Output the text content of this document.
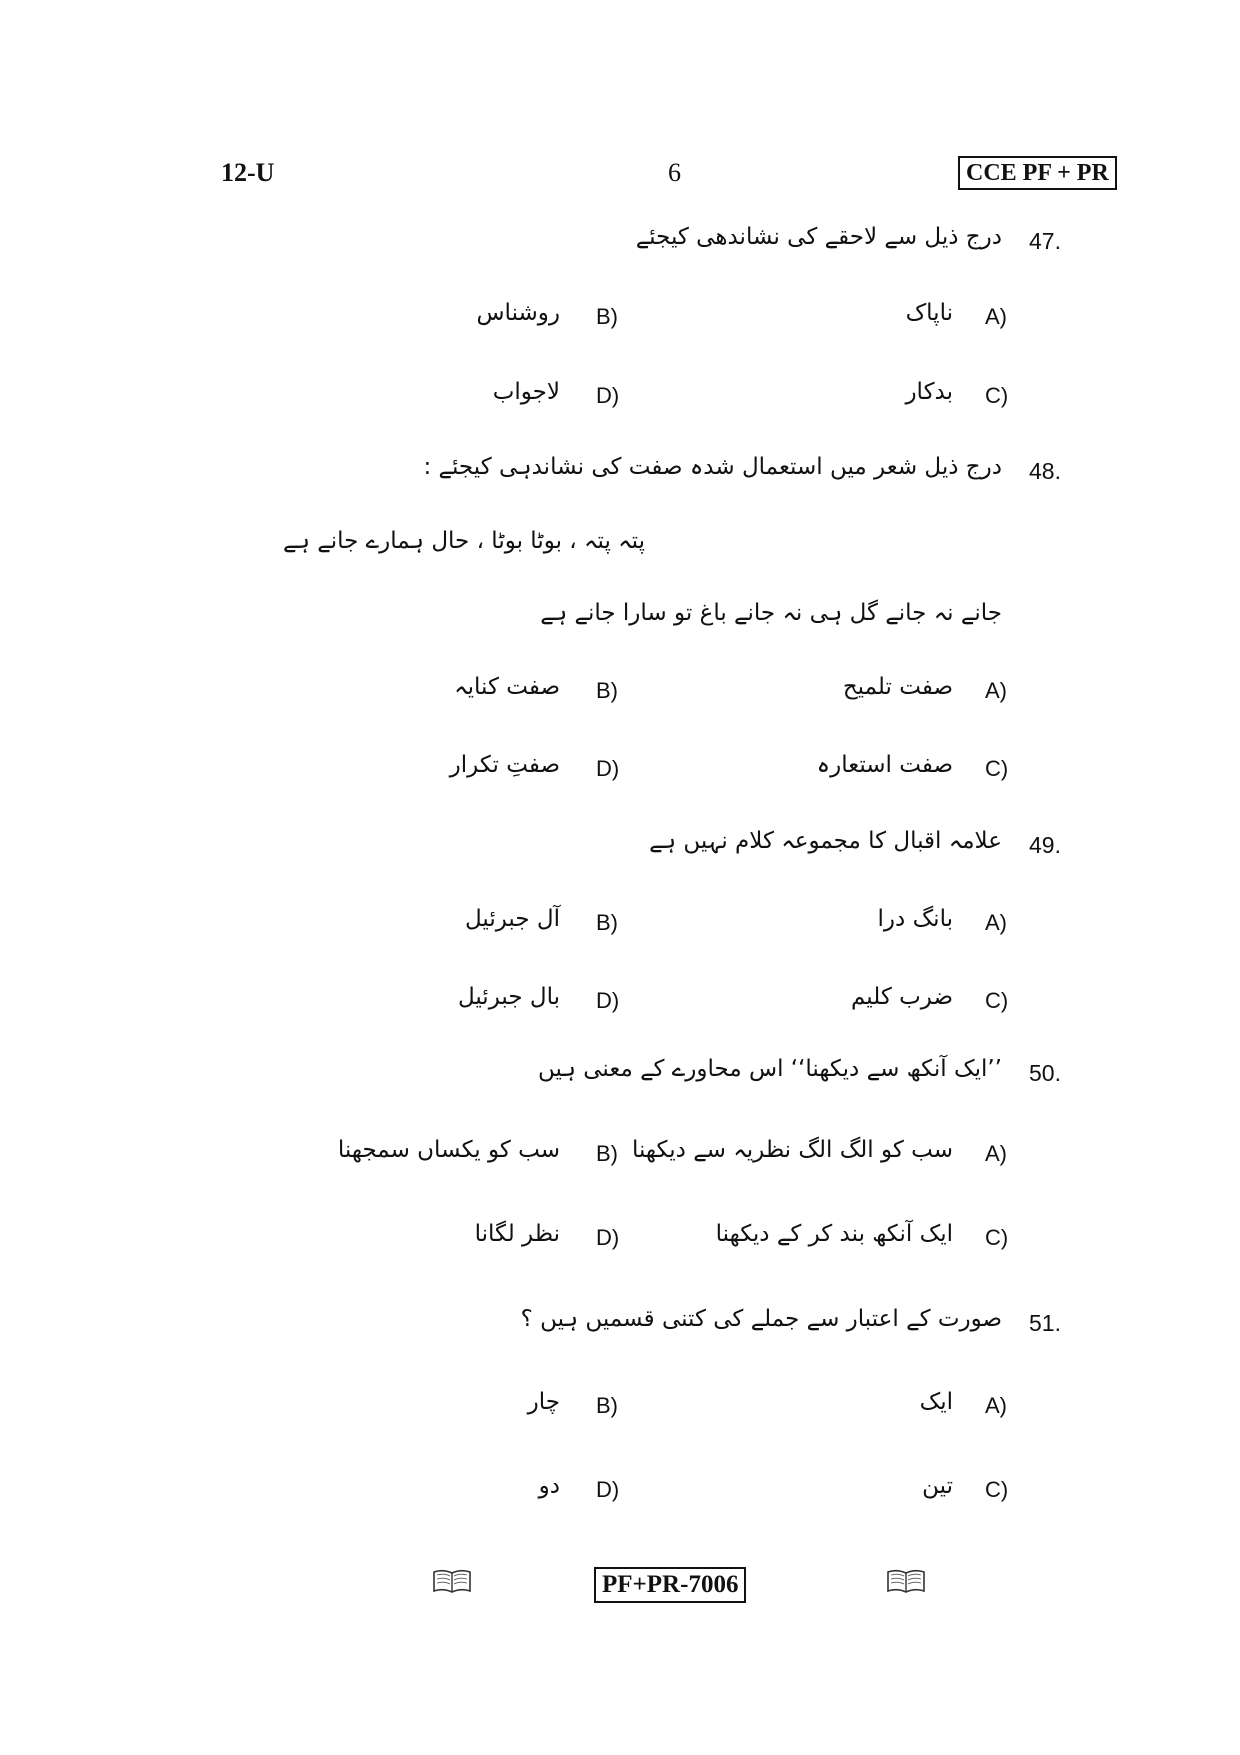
12-U	6	CCE PF + PR
47.
درج ذیل سے لاحقے کی نشاندھی کیجئے
A)
ناپاک
B)
روشناس
C)
بدکار
D)
لاجواب
48.
درج ذیل شعر میں استعمال شدہ صفت کی نشاندہی کیجئے :
پتہ پتہ ، بوٹا بوٹا ، حال ہمارے جانے ہے
جانے نہ جانے گل ہی نہ جانے باغ تو سارا جانے ہے
A)
صفت تلمیح
B)
صفت کنایہ
C)
صفت استعارہ
D)
صفتِ تکرار
49.
علامہ اقبال کا مجموعہ کلام نہیں ہے
A)
بانگ درا
B)
آل جبرئیل
C)
ضرب کلیم
D)
بال جبرئیل
50.
’’ایک آنکھ سے دیکھنا‘‘ اس محاورے کے معنی ہیں
A)
سب کو الگ الگ نظریہ سے دیکھنا
B)
سب کو یکساں سمجھنا
C)
ایک آنکھ بند کر کے دیکھنا
D)
نظر لگانا
51.
صورت کے اعتبار سے جملے کی کتنی قسمیں ہیں ؟
A)
ایک
B)
چار
C)
تین
D)
دو
PF+PR-7006
